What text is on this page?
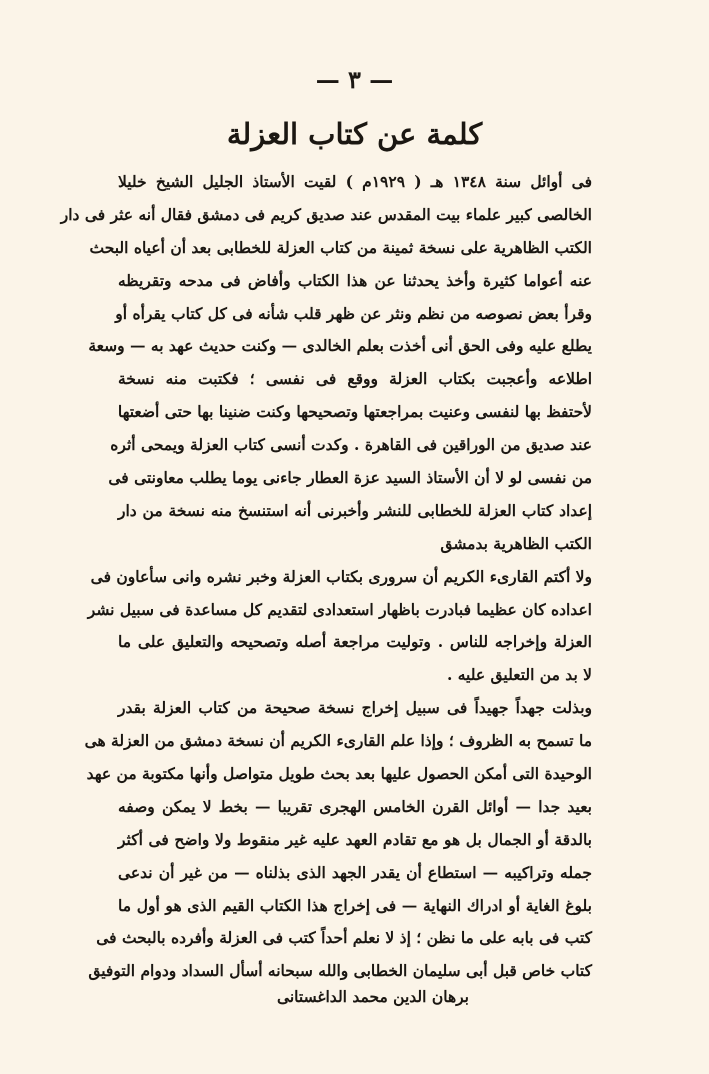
— ٣ —
كلمة عن كتاب العزلة
فى أوائل سنة ١٣٤٨ هـ ( ١٩٢٩م ) لقيت الأستاذ الجليل الشيخ خليلا
الخالصى كبير علماء بيت المقدس عند صديق كريم فى دمشق فقال أنه عثر فى دار
الكتب الظاهرية على نسخة ثمينة من كتاب العزلة للخطابى بعد أن أعياه البحث
عنه أعواما كثيرة وأخذ يحدثنا عن هذا الكتاب وأفاض فى مدحه وتقريظه
وقرأ بعض نصوصه من نظم ونثر عن ظهر قلب شأنه فى كل كتاب يقرأه أو
يطلع عليه وفى الحق أنى أخذت بعلم الخالدى — وكنت حديث عهد به — وسعة
اطلاعه وأعجبت بكتاب العزلة ووقع فى نفسى ؛ فكتبت منه نسخة
لأحتفظ بها لنفسى وعنيت بمراجعتها وتصحيحها وكنت ضنينا بها حتى أضعتها
عند صديق من الوراقين فى القاهرة . وكدت أنسى كتاب العزلة ويمحى أثره
من نفسى لو لا أن الأستاذ السيد عزة العطار جاءنى يوما يطلب معاونتى فى
إعداد كتاب العزلة للخطابى للنشر وأخبرنى أنه استنسخ منه نسخة من دار
الكتب الظاهرية بدمشق
ولا أكتم القارىء الكريم أن سرورى بكتاب العزلة وخبر نشره وانى سأعاون فى
اعداده كان عظيما فبادرت باظهار استعدادى لتقديم كل مساعدة فى سبيل نشر
العزلة وإخراجه للناس . وتوليت مراجعة أصله وتصحيحه والتعليق على ما
لا بد من التعليق عليه .
وبذلت جهداً جهيداً فى سبيل إخراج نسخة صحيحة من كتاب العزلة بقدر
ما تسمح به الظروف ؛ وإذا علم القارىء الكريم أن نسخة دمشق من العزلة هى
الوحيدة التى أمكن الحصول عليها بعد بحث طويل متواصل وأنها مكتوبة من عهد
بعيد جدا — أوائل القرن الخامس الهجرى تقريبا — بخط لا يمكن وصفه
بالدقة أو الجمال بل هو مع تقادم العهد عليه غير منقوط ولا واضح فى أكثر
جمله وتراكيبه — استطاع أن يقدر الجهد الذى بذلناه — من غير أن ندعى
بلوغ الغاية أو ادراك النهاية — فى إخراج هذا الكتاب القيم الذى هو أول ما
كتب فى بابه على ما نظن ؛ إذ لا نعلم أحداً كتب فى العزلة وأفرده بالبحث فى
كتاب خاص قبل أبى سليمان الخطابى والله سبحانه أسأل السداد ودوام التوفيق
برهان الدين محمد الداغستانى
